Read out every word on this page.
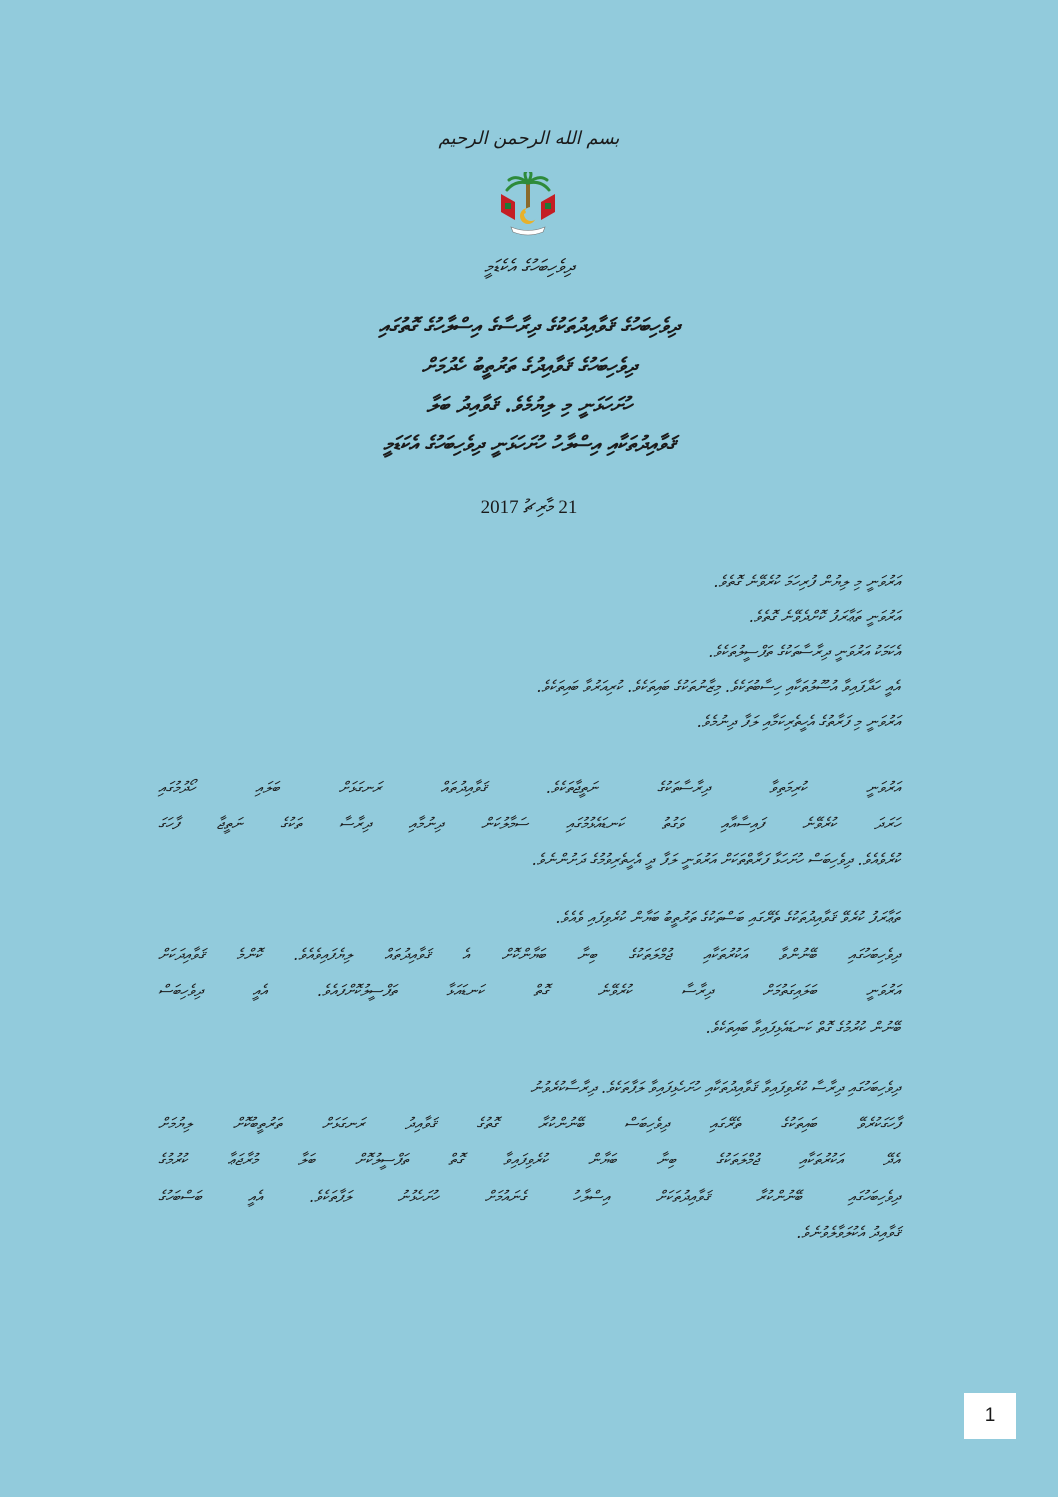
بسم الله الرحمن الرحيم
ދިވެހިބަހުގެ އެކެޑަމީ
ދިވެހިބަހުގެ ޤަވާއިދުތަކުގެ ދިރާސާގެ އިސްލާހުގެ ގޮތުގައި
ދިވެހިބަހުގެ ޤަވާއިދުގެ ތަރުތީބު ހެދުމަށް
ހުށަހަޅަނީ މި ލިޔުމެވެ. ޤަވާއިދު ބަލާ
ޤަވާއިދުތަކާއި އިސްލާހު ހުށަހަޅަނީ ދިވެހިބަހުގެ އެކަޑަމީ
21 މާރިޗު 2017
އަރުވަނީ މި ލިޔުން ފުރިހަމަ ކުރެވޭނެ ގޮތެވެ.
އަރުވަނީ ތަޢާރަފު ކޮށްދެވޭނެ ގޮތެވެ.
އެކަމަކު އަރުވަނީ ދިރާސާތަކުގެ ތަފްސީލުތަކެވެ.
އެއީ ހަދާފައިވާ އުސޫލުތަކާއި ހިސާބުތަކެވެ. މިޒާނުތަކުގެ ބައިތަކެވެ. ކުރިއަރުވާ ބައިތަކެވެ.
އަރުވަނީ މި ފަރާތުގެ އެހީތެރިކަމާއި ލަފާ ދިނުމެވެ.
އަރުވަނީ ކުރިމަތިވާ ދިރާސާތަކުގެ ނަތީޖާތަކެވެ. ޤަވާއިދުތައް ރަނގަޅަށް ބަލައި ހޯދުމުގައި
ހަރަދަ ކުރެވޭނެ ފައިސާއާއި ވަގުތު ކަނޑައެޅުމުގައި ސަމާލުކަން ދިނުމާއި ދިރާސާ ތަކުގެ ނަތީޖާ ފާހަގަ
ކުރެވެއެވެ. ދިވެހިބަސް ހުށަހަޅާ ފަރާތްތަކަށް އަރުވަނީ ލަފާ ދީ އެހީތެރިވުމުގެ ދަށުންނެވެ.
ތަޢާރަފު ކުރެވޭ ޤަވާއިދުތަކުގެ ތެރޭގައި ބަސްތަކުގެ ތަރުތީބު ބަޔާން ކުރެވިފައި ވެއެވެ.
ދިވެހިބަހުގައި ބޭނުންވާ އަކުރުތަކާއި ޖުމްލަތަކުގެ ބިނާ ބަޔާންކޮށް އެ ޤަވާއިދުތައް ލިޔެފައިވެއެވެ. ކޮންމެ ޤަވާއިދަކަށް
އަރުވަނީ ބަލައިގަތުމަށް ދިރާސާ ކުރެވޭނެ ގޮތް ކަނޑައަޅާ ތަފްސީލުކޮށްފައެވެ. އެއީ ދިވެހިބަސް
ބޭނުން ކުރުމުގެ ގޮތް ކަނޑައެޅިފައިވާ ބައިތަކެވެ.
ދިވެހިބަހުގައި ދިރާސާ ކުރެވިފައިވާ ޤަވާއިދުތަކާއި ހުށަހެޅިފައިވާ ލަފާތަކެވެ. ދިރާސާކުރެވުނު
ފާހަގަކުރެވޭ ބައިތަކުގެ ތެރޭގައި ދިވެހިބަސް ބޭނުންކުރާ ގޮތުގެ ޤަވާއިދު ރަނގަޅަށް ތަރުތީބުކޮށް ލިޔުމަށް
އެދޭ އަކުރުތަކާއި ޖުމްލަތަކުގެ ބިނާ ބަޔާން ކުރެވިފައިވާ ގޮތް ތަފްސީލުކޮށް ބަލާ މުރާޖަޢާ ކުރުމުގެ
ދިވެހިބަހުގައި ބޭނުންކުރާ ޤަވާއިދުތަކަށް އިސްލާހު ގެނައުމަށް ހުށަހެޅުނު ލަފާތަކެވެ. އެއީ ބަސްބަހުގެ
ޤަވާއިދު އެކުލަވާލެވުނެވެ.
1
